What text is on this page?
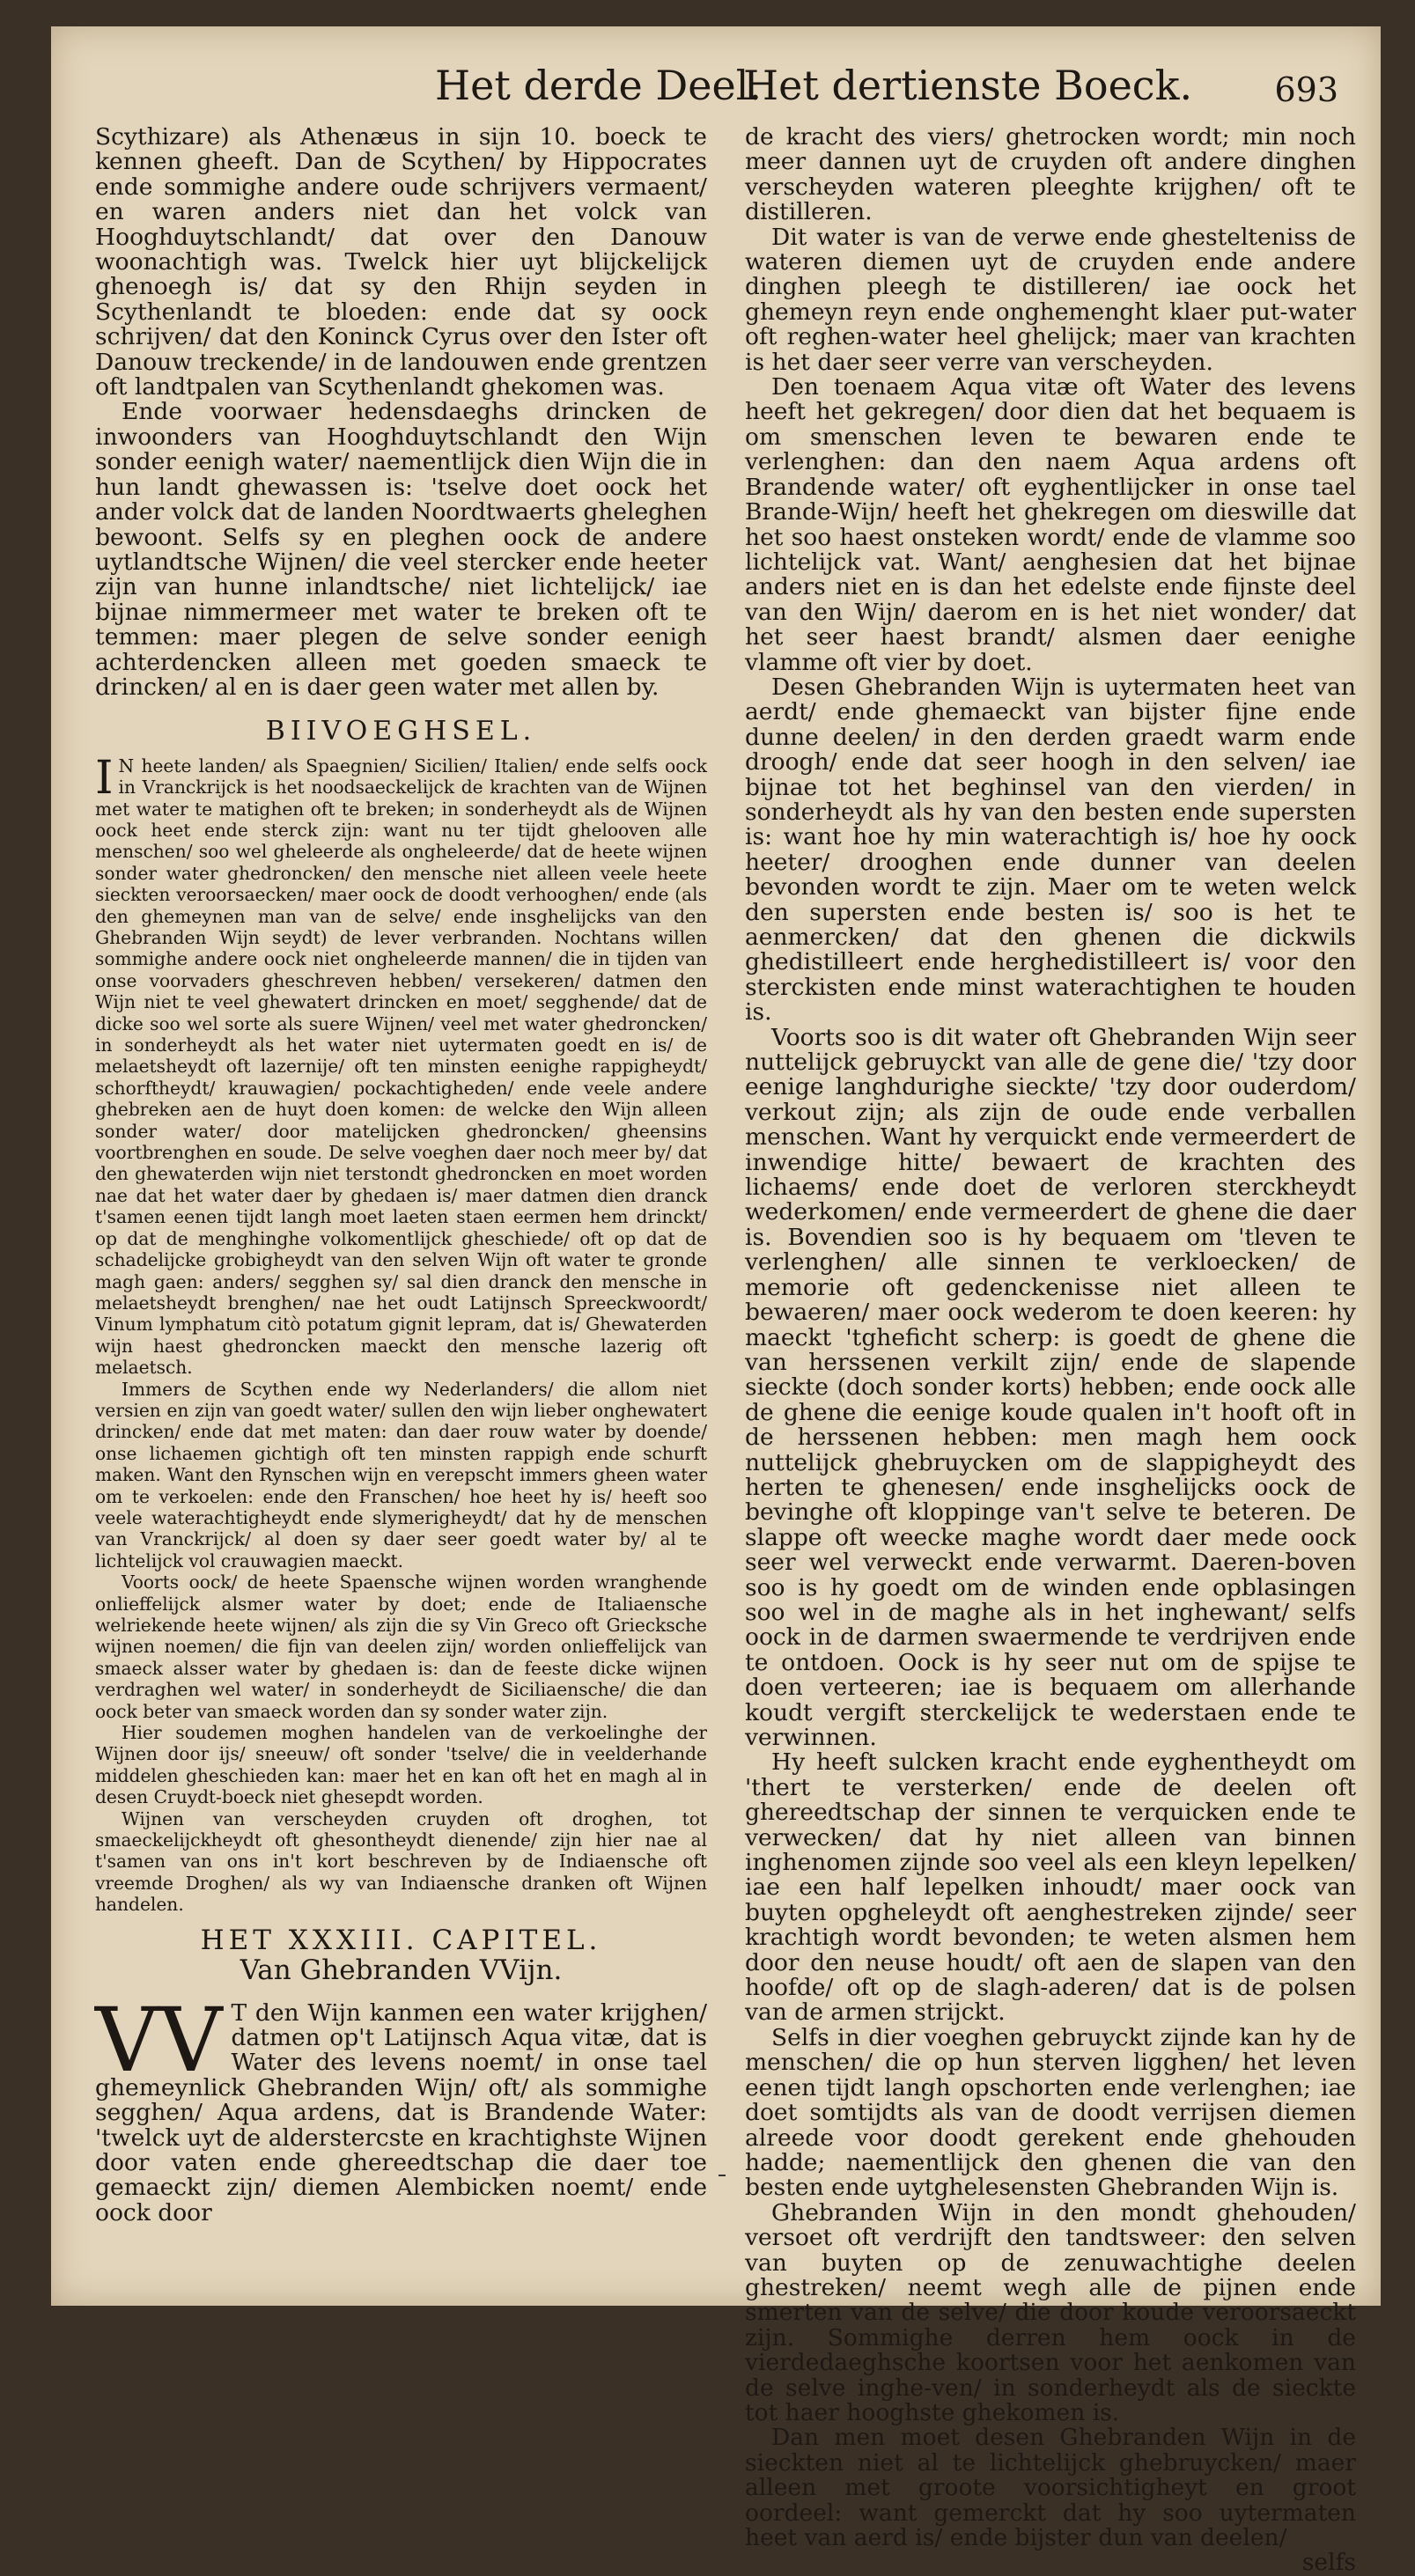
Het derde Deel.
Het dertienste Boeck. 693

Scythizare) als Athenæus in sijn 10. boeck te kennen gheeft. Dan de Scythen/ by Hippocrates ende sommighe andere oude schrijvers vermaent/ en waren anders niet dan het volck van Hooghduytschlandt/ dat over den Danouw woonachtigh was. Twelck hier uyt blijckelijck ghenoegh is/ dat sy den Rhijn seyden in Scythenlandt te bloeden: ende dat sy oock schrijven/ dat den Koninck Cyrus over den Ister oft Danouw treckende/ in de landouwen ende grentzen oft landtpalen van Scythenlandt ghekomen was.

Ende voorwaer hedensdaeghs drincken de inwoonders van Hooghduytschlandt den Wijn sonder eenigh water/ naementlijck dien Wijn die in hun landt ghewassen is: 'tselve doet oock het ander volck dat de landen Noordtwaerts gheleghen bewoont. Selfs sy en pleghen oock de andere uytlandtsche Wijnen/ die veel stercker ende heeter zijn van hunne inlandtsche/ niet lichtelijck/ iae bijnae nimmermeer met water te breken oft te temmen: maer plegen de selve sonder eenigh achterdencken alleen met goeden smaeck te drincken/ al en is daer geen water met allen by.

BIIVOEGHSEL.

I N heete landen/ als Spaegnien/ Sicilien/ Italien/ ende selfs oock in Vranckrijck is het noodsaeckelijck de krachten van de Wijnen met water te matighen oft te breken; in sonderheydt als de Wijnen oock heet ende sterck zijn: want nu ter tijdt ghelooven alle menschen/ soo wel gheleerde als ongheleerde/ dat de heete wijnen sonder water ghedroncken/ den mensche niet alleen veele heete sieckten veroorsaecken/ maer oock de doodt verhooghen/ ende (als den ghemeynen man van de selve/ ende insghelijcks van den Ghebranden Wijn seydt) de lever verbranden. Nochtans willen sommighe andere oock niet ongheleerde mannen/ die in tijden van onse voorvaders gheschreven hebben/ versekeren/ datmen den Wijn niet te veel ghewatert drincken en moet/ segghende/ dat de dicke soo wel sorte als suere Wijnen/ veel met water ghedroncken/ in sonderheydt als het water niet uytermaten goedt en is/ de melaetsheydt oft lazernije/ oft ten minsten eenighe rappigheydt/ schorftheydt/ krauwagien/ pockachtigheden/ ende veele andere ghebreken aen de huyt doen komen: de welcke den Wijn alleen sonder water/ door matelijcken ghedroncken/ gheensins voortbrenghen en soude. De selve voeghen daer noch meer by/ dat den ghewaterden wijn niet terstondt ghedroncken en moet worden nae dat het water daer by ghedaen is/ maer datmen dien dranck t'samen eenen tijdt langh moet laeten staen eermen hem drinckt/ op dat de menghinghe volkomentlijck gheschiede/ oft op dat de schadelijcke grobigheydt van den selven Wijn oft water te gronde magh gaen: anders/ segghen sy/ sal dien dranck den mensche in melaetsheydt brenghen/ nae het oudt Latijnsch Spreeckwoordt/ Vinum lymphatum citò potatum gignit lepram, dat is/ Ghewaterden wijn haest ghedroncken maeckt den mensche lazerig oft melaetsch.

Immers de Scythen ende wy Nederlanders/ die allom niet versien en zijn van goedt water/ sullen den wijn lieber onghewatert drincken/ ende dat met maten: dan daer rouw water by doende/ onse lichaemen gichtigh oft ten minsten rappigh ende schurft maken. Want den Rynschen wijn en verepscht immers gheen water om te verkoelen: ende den Franschen/ hoe heet hy is/ heeft soo veele waterachtigheydt ende slymerigheydt/ dat hy de menschen van Vranckrijck/ al doen sy daer seer goedt water by/ al te lichtelijck vol crauwagien maeckt.

Voorts oock/ de heete Spaensche wijnen worden wranghende onlieffelijck alsmer water by doet; ende de Italiaensche welriekende heete wijnen/ als zijn die sy Vin Greco oft Griecksche wijnen noemen/ die fijn van deelen zijn/ worden onlieffelijck van smaeck alsser water by ghedaen is: dan de feeste dicke wijnen verdraghen wel water/ in sonderheydt de Siciliaensche/ die dan oock beter van smaeck worden dan sy sonder water zijn.

Hier soudemen moghen handelen van de verkoelinghe der Wijnen door ijs/ sneeuw/ oft sonder 'tselve/ die in veelderhande middelen gheschieden kan: maer het en kan oft het en magh al in desen Cruydt-boeck niet ghesepdt worden.

Wijnen van verscheyden cruyden oft droghen, tot smaeckelijckheydt oft ghesontheydt dienende/ zijn hier nae al t'samen van ons in't kort beschreven by de Indiaensche oft vreemde Droghen/ als wy van Indiaensche dranken oft Wijnen handelen.

HET XXXIII. CAPITEL.
Van Ghebranden VVijn.

VV T den Wijn kanmen een water krijghen/ datmen op't Latijnsch Aqua vitæ, dat is Water des levens noemt/ in onse tael ghemeynlick Ghebranden Wijn/ oft/ als sommighe segghen/ Aqua ardens, dat is Brandende Water: 'twelck uyt de alderstercste en krachtighste Wijnen door vaten ende ghereedtschap die daer toe gemaeckt zijn/ diemen Alembicken noemt/ ende oock door

de kracht des viers/ ghetrocken wordt; min noch meer dannen uyt de cruyden oft andere dinghen verscheyden wateren pleeghte krijghen/ oft te distilleren.

Dit water is van de verwe ende ghestelteniss de wateren diemen uyt de cruyden ende andere dinghen pleegh te distilleren/ iae oock het ghemeyn reyn ende onghemenght klaer put-water oft reghen-water heel ghelijck; maer van krachten is het daer seer verre van verscheyden.

Den toenaem Aqua vitæ oft Water des levens heeft het gekregen/ door dien dat het bequaem is om smenschen leven te bewaren ende te verlenghen: dan den naem Aqua ardens oft Brandende water/ oft eyghentlijcker in onse tael Brande-Wijn/ heeft het ghekregen om dieswille dat het soo haest onsteken wordt/ ende de vlamme soo lichtelijck vat. Want/ aenghesien dat het bijnae anders niet en is dan het edelste ende fijnste deel van den Wijn/ daerom en is het niet wonder/ dat het seer haest brandt/ alsmen daer eenighe vlamme oft vier by doet.

Desen Ghebranden Wijn is uytermaten heet van aerdt/ ende ghemaeckt van bijster fijne ende dunne deelen/ in den derden graedt warm ende droogh/ ende dat seer hoogh in den selven/ iae bijnae tot het beghinsel van den vierden/ in sonderheydt als hy van den besten ende supersten is: want hoe hy min waterachtigh is/ hoe hy oock heeter/ drooghen ende dunner van deelen bevonden wordt te zijn. Maer om te weten welck den supersten ende besten is/ soo is het te aenmercken/ dat den ghenen die dickwils ghedistilleert ende herghedistilleert is/ voor den sterckisten ende minst waterachtighen te houden is.

Voorts soo is dit water oft Ghebranden Wijn seer nuttelijck gebruyckt van alle de gene die/ 'tzy door eenige langhdurighe sieckte/ 'tzy door ouderdom/ verkout zijn; als zijn de oude ende verballen menschen. Want hy verquickt ende vermeerdert de inwendige hitte/ bewaert de krachten des lichaems/ ende doet de verloren sterckheydt wederkomen/ ende vermeerdert de ghene die daer is. Bovendien soo is hy bequaem om 'tleven te verlenghen/ alle sinnen te verkloecken/ de memorie oft gedenckenisse niet alleen te bewaeren/ maer oock wederom te doen keeren: hy maeckt 'tgheficht scherp: is goedt de ghene die van herssenen verkilt zijn/ ende de slapende sieckte (doch sonder korts) hebben; ende oock alle de ghene die eenige koude qualen in't hooft oft in de herssenen hebben: men magh hem oock nuttelijck ghebruycken om de slappigheydt des herten te ghenesen/ ende insghelijcks oock de bevinghe oft kloppinge van't selve te beteren. De slappe oft weecke maghe wordt daer mede oock seer wel verweckt ende verwarmt. Daeren-boven soo is hy goedt om de winden ende opblasingen soo wel in de maghe als in het inghewant/ selfs oock in de darmen swaermende te verdrijven ende te ontdoen. Oock is hy seer nut om de spijse te doen verteeren; iae is bequaem om allerhande koudt vergift sterckelijck te wederstaen ende te verwinnen.

Hy heeft sulcken kracht ende eyghentheydt om 'thert te versterken/ ende de deelen oft ghereedtschap der sinnen te verquicken ende te verwecken/ dat hy niet alleen van binnen inghenomen zijnde soo veel als een kleyn lepelken/ iae een half lepelken inhoudt/ maer oock van buyten opgheleydt oft aenghestreken zijnde/ seer krachtigh wordt bevonden; te weten alsmen hem door den neuse houdt/ oft aen de slapen van den hoofde/ oft op de slagh-aderen/ dat is de polsen van de armen strijckt.

Selfs in dier voeghen gebruyckt zijnde kan hy de menschen/ die op hun sterven ligghen/ het leven eenen tijdt langh opschorten ende verlenghen; iae doet somtijdts als van de doodt verrijsen diemen alreede voor doodt gerekent ende ghehouden hadde; naementlijck den ghenen die van den besten ende uytghelesensten Ghebranden Wijn is.

Ghebranden Wijn in den mondt ghehouden/ versoet oft verdrijft den tandtsweer: den selven van buyten op de zenuwachtighe deelen ghestreken/ neemt wegh alle de pijnen ende smerten van de selve/ die door koude veroorsaeckt zijn. Sommighe derren hem oock in de vierdedaeghsche koortsen voor het aenkomen van de selve inghe-ven/ in sonderheydt als de sieckte tot haer hooghste ghekomen is.

Dan men moet desen Ghebranden Wijn in de sieckten niet al te lichtelijck ghebruycken/ maer alleen met groote voorsichtigheyt en groot oordeel: want gemerckt dat hy soo uytermaten heet van aerd is/ ende bijster dun van deelen/

selfs
